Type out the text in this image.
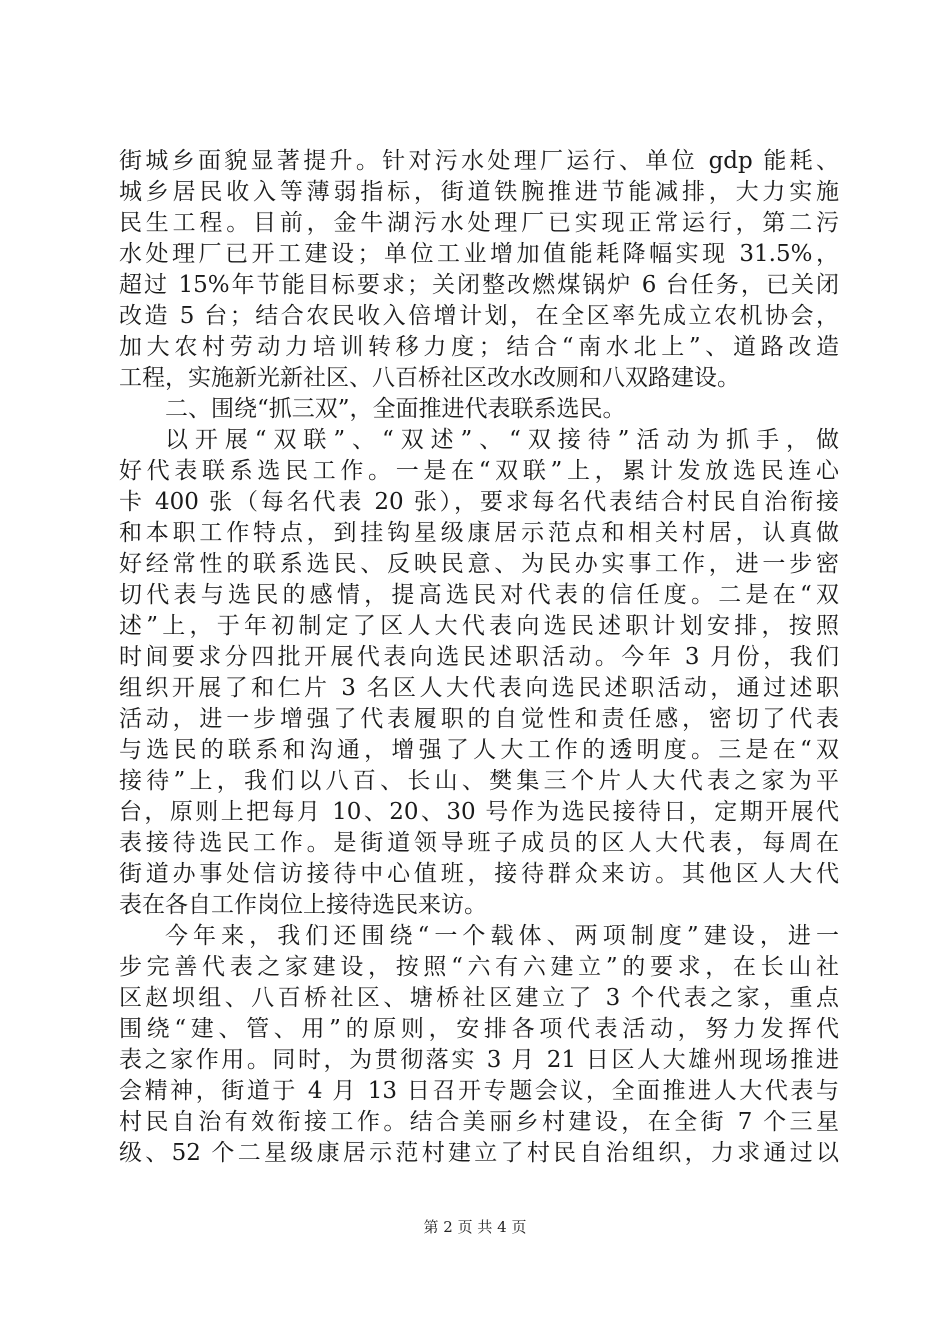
街城乡面貌显著提升。针对污水处理厂运行、单位 gdp 能耗、
城乡居民收入等薄弱指标，街道铁腕推进节能减排，大力实施
民生工程。目前，金牛湖污水处理厂已实现正常运行，第二污
水处理厂已开工建设；单位工业增加值能耗降幅实现 31.5%，
超过 15%年节能目标要求；关闭整改燃煤锅炉 6 台任务，已关闭
改造 5 台；结合农民收入倍增计划，在全区率先成立农机协会，
加大农村劳动力培训转移力度；结合“南水北上”、道路改造
工程，实施新光新社区、八百桥社区改水改厕和八双路建设。
二、围绕“抓三双”，全面推进代表联系选民。
以开展“双联”、“双述”、“双接待”活动为抓手，做
好代表联系选民工作。一是在“双联”上，累计发放选民连心
卡 400 张（每名代表 20 张），要求每名代表结合村民自治衔接
和本职工作特点，到挂钩星级康居示范点和相关村居，认真做
好经常性的联系选民、反映民意、为民办实事工作，进一步密
切代表与选民的感情，提高选民对代表的信任度。二是在“双
述”上，于年初制定了区人大代表向选民述职计划安排，按照
时间要求分四批开展代表向选民述职活动。今年 3 月份，我们
组织开展了和仁片 3 名区人大代表向选民述职活动，通过述职
活动，进一步增强了代表履职的自觉性和责任感，密切了代表
与选民的联系和沟通，增强了人大工作的透明度。三是在“双
接待”上，我们以八百、长山、樊集三个片人大代表之家为平
台，原则上把每月 10、20、30 号作为选民接待日，定期开展代
表接待选民工作。是街道领导班子成员的区人大代表，每周在
街道办事处信访接待中心值班，接待群众来访。其他区人大代
表在各自工作岗位上接待选民来访。
今年来，我们还围绕“一个载体、两项制度”建设，进一
步完善代表之家建设，按照“六有六建立”的要求，在长山社
区赵坝组、八百桥社区、塘桥社区建立了 3 个代表之家，重点
围绕“建、管、用”的原则，安排各项代表活动，努力发挥代
表之家作用。同时，为贯彻落实 3 月 21 日区人大雄州现场推进
会精神，街道于 4 月 13 日召开专题会议，全面推进人大代表与
村民自治有效衔接工作。结合美丽乡村建设，在全街 7 个三星
级、52 个二星级康居示范村建立了村民自治组织，力求通过以
第 2 页 共 4 页
